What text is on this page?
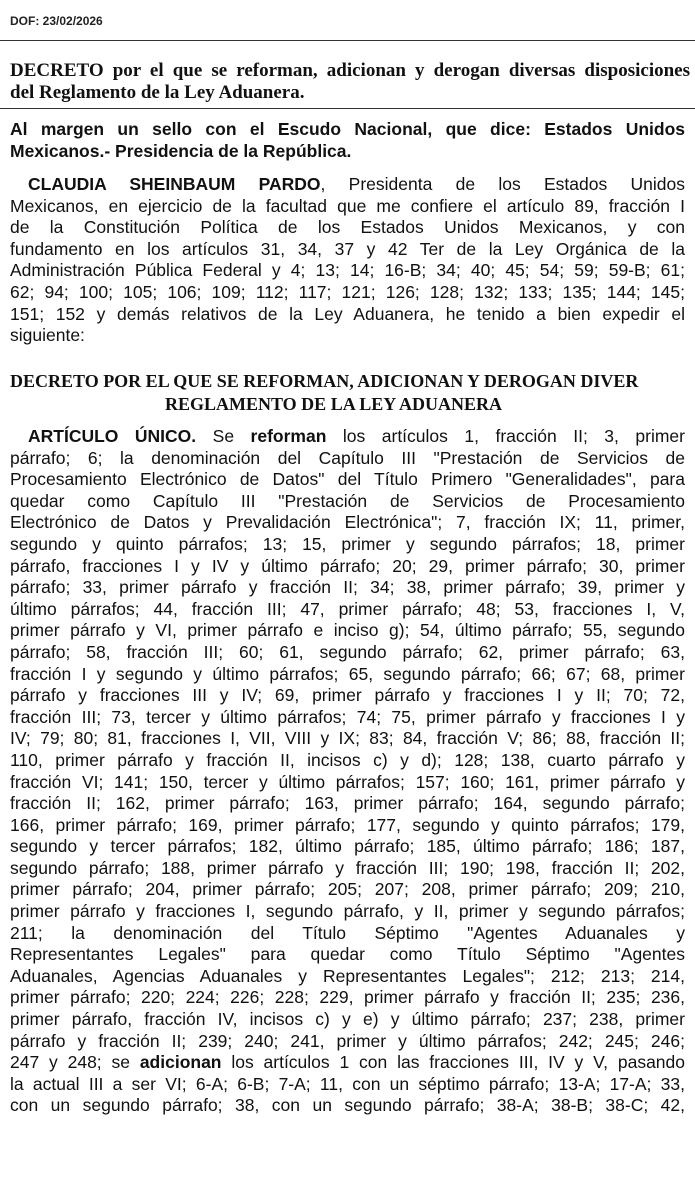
DOF: 23/02/2026
DECRETO por el que se reforman, adicionan y derogan diversas disposiciones
del Reglamento de la Ley Aduanera.
Al margen un sello con el Escudo Nacional, que dice: Estados Unidos
Mexicanos.- Presidencia de la República.
CLAUDIA SHEINBAUM PARDO, Presidenta de los Estados Unidos
Mexicanos, en ejercicio de la facultad que me confiere el artículo 89, fracción I
de la Constitución Política de los Estados Unidos Mexicanos, y con
fundamento en los artículos 31, 34, 37 y 42 Ter de la Ley Orgánica de la
Administración Pública Federal y 4; 13; 14; 16-B; 34; 40; 45; 54; 59; 59-B; 61;
62; 94; 100; 105; 106; 109; 112; 117; 121; 126; 128; 132; 133; 135; 144; 145;
151; 152 y demás relativos de la Ley Aduanera, he tenido a bien expedir el
siguiente:
DECRETO POR EL QUE SE REFORMAN, ADICIONAN Y DEROGAN DIVER
REGLAMENTO DE LA LEY ADUANERA
ARTÍCULO ÚNICO. Se reforman los artículos 1, fracción II; 3, primer
párrafo; 6; la denominación del Capítulo III "Prestación de Servicios de
Procesamiento Electrónico de Datos" del Título Primero "Generalidades", para
quedar como Capítulo III "Prestación de Servicios de Procesamiento
Electrónico de Datos y Prevalidación Electrónica"; 7, fracción IX; 11, primer,
segundo y quinto párrafos; 13; 15, primer y segundo párrafos; 18, primer
párrafo, fracciones I y IV y último párrafo; 20; 29, primer párrafo; 30, primer
párrafo; 33, primer párrafo y fracción II; 34; 38, primer párrafo; 39, primer y
último párrafos; 44, fracción III; 47, primer párrafo; 48; 53, fracciones I, V,
primer párrafo y VI, primer párrafo e inciso g); 54, último párrafo; 55, segundo
párrafo; 58, fracción III; 60; 61, segundo párrafo; 62, primer párrafo; 63,
fracción I y segundo y último párrafos; 65, segundo párrafo; 66; 67; 68, primer
párrafo y fracciones III y IV; 69, primer párrafo y fracciones I y II; 70; 72,
fracción III; 73, tercer y último párrafos; 74; 75, primer párrafo y fracciones I y
IV; 79; 80; 81, fracciones I, VII, VIII y IX; 83; 84, fracción V; 86; 88, fracción II;
110, primer párrafo y fracción II, incisos c) y d); 128; 138, cuarto párrafo y
fracción VI; 141; 150, tercer y último párrafos; 157; 160; 161, primer párrafo y
fracción II; 162, primer párrafo; 163, primer párrafo; 164, segundo párrafo;
166, primer párrafo; 169, primer párrafo; 177, segundo y quinto párrafos; 179,
segundo y tercer párrafos; 182, último párrafo; 185, último párrafo; 186; 187,
segundo párrafo; 188, primer párrafo y fracción III; 190; 198, fracción II; 202,
primer párrafo; 204, primer párrafo; 205; 207; 208, primer párrafo; 209; 210,
primer párrafo y fracciones I, segundo párrafo, y II, primer y segundo párrafos;
211; la denominación del Título Séptimo "Agentes Aduanales y
Representantes Legales" para quedar como Título Séptimo "Agentes
Aduanales, Agencias Aduanales y Representantes Legales"; 212; 213; 214,
primer párrafo; 220; 224; 226; 228; 229, primer párrafo y fracción II; 235; 236,
primer párrafo, fracción IV, incisos c) y e) y último párrafo; 237; 238, primer
párrafo y fracción II; 239; 240; 241, primer y último párrafos; 242; 245; 246;
247 y 248; se adicionan los artículos 1 con las fracciones III, IV y V, pasando
la actual III a ser VI; 6-A; 6-B; 7-A; 11, con un séptimo párrafo; 13-A; 17-A; 33,
con un segundo párrafo; 38, con un segundo párrafo; 38-A; 38-B; 38-C; 42,
